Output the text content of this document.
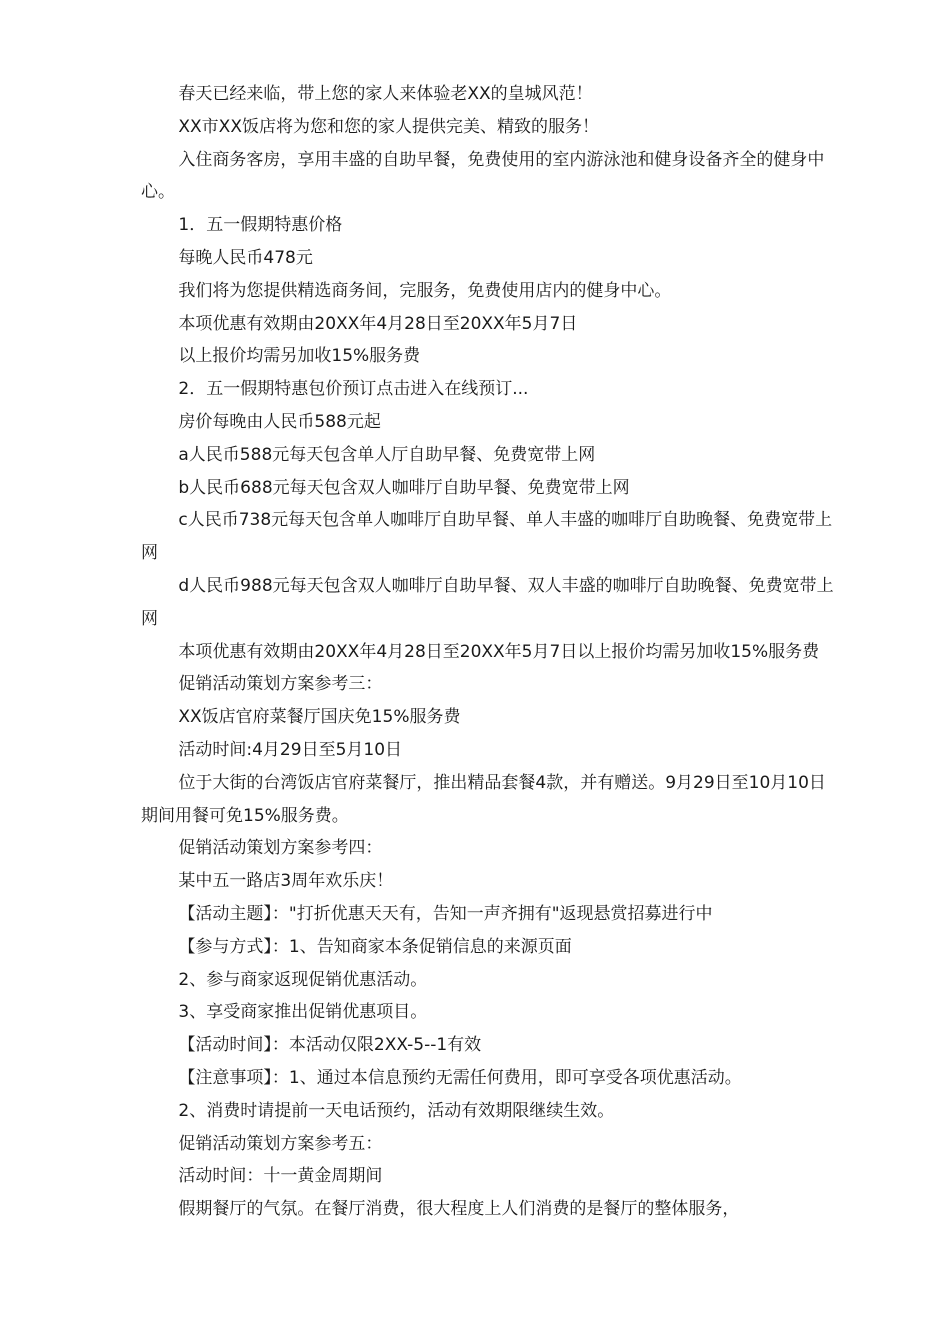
春天已经来临，带上您的家人来体验老XX的皇城风范！

XX市XX饭店将为您和您的家人提供完美、精致的服务！

入住商务客房，享用丰盛的自助早餐，免费使用的室内游泳池和健身设备齐全的健身中心。

1．五一假期特惠价格

每晚人民币478元

我们将为您提供精选商务间，完服务，免费使用店内的健身中心。

本项优惠有效期由20XX年4月28日至20XX年5月7日

以上报价均需另加收15%服务费

2．五一假期特惠包价预订点击进入在线预订...

房价每晚由人民币588元起

a人民币588元每天包含单人厅自助早餐、免费宽带上网

b人民币688元每天包含双人咖啡厅自助早餐、免费宽带上网

c人民币738元每天包含单人咖啡厅自助早餐、单人丰盛的咖啡厅自助晚餐、免费宽带上网

d人民币988元每天包含双人咖啡厅自助早餐、双人丰盛的咖啡厅自助晚餐、免费宽带上网

本项优惠有效期由20XX年4月28日至20XX年5月7日以上报价均需另加收15%服务费

促销活动策划方案参考三：

XX饭店官府菜餐厅国庆免15%服务费

活动时间:4月29日至5月10日

位于大街的台湾饭店官府菜餐厅，推出精品套餐4款，并有赠送。9月29日至10月10日期间用餐可免15%服务费。

促销活动策划方案参考四：

某中五一路店3周年欢乐庆！

【活动主题】："打折优惠天天有，告知一声齐拥有"返现悬赏招募进行中

【参与方式】：1、告知商家本条促销信息的来源页面

2、参与商家返现促销优惠活动。

3、享受商家推出促销优惠项目。

【活动时间】：本活动仅限2XX-5--1有效

【注意事项】：1、通过本信息预约无需任何费用，即可享受各项优惠活动。

2、消费时请提前一天电话预约，活动有效期限继续生效。

促销活动策划方案参考五：

活动时间：十一黄金周期间

假期餐厅的气氛。在餐厅消费，很大程度上人们消费的是餐厅的整体服务，
